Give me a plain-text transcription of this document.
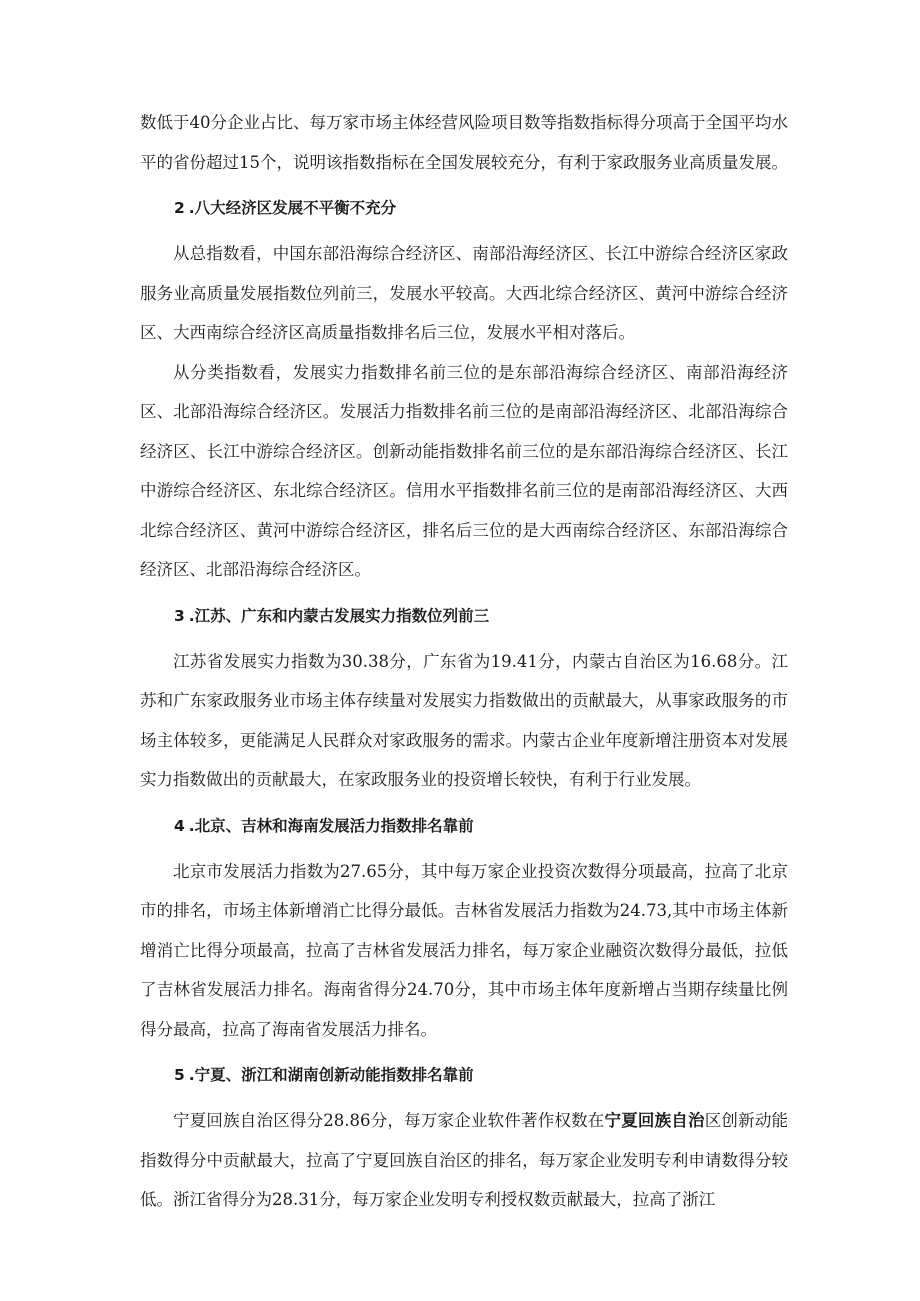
数低于40分企业占比、每万家市场主体经营风险项目数等指数指标得分项高于全国平均水平的省份超过15个，说明该指数指标在全国发展较充分，有利于家政服务业高质量发展。

2 .八大经济区发展不平衡不充分

从总指数看，中国东部沿海综合经济区、南部沿海经济区、长江中游综合经济区家政服务业高质量发展指数位列前三，发展水平较高。大西北综合经济区、黄河中游综合经济区、大西南综合经济区高质量指数排名后三位，发展水平相对落后。

从分类指数看，发展实力指数排名前三位的是东部沿海综合经济区、南部沿海经济区、北部沿海综合经济区。发展活力指数排名前三位的是南部沿海经济区、北部沿海综合经济区、长江中游综合经济区。创新动能指数排名前三位的是东部沿海综合经济区、长江中游综合经济区、东北综合经济区。信用水平指数排名前三位的是南部沿海经济区、大西北综合经济区、黄河中游综合经济区，排名后三位的是大西南综合经济区、东部沿海综合经济区、北部沿海综合经济区。

3 .江苏、广东和内蒙古发展实力指数位列前三

江苏省发展实力指数为30.38分，广东省为19.41分，内蒙古自治区为16.68分。江苏和广东家政服务业市场主体存续量对发展实力指数做出的贡献最大，从事家政服务的市场主体较多，更能满足人民群众对家政服务的需求。内蒙古企业年度新增注册资本对发展实力指数做出的贡献最大，在家政服务业的投资增长较快，有利于行业发展。

4 .北京、吉林和海南发展活力指数排名靠前

北京市发展活力指数为27.65分，其中每万家企业投资次数得分项最高，拉高了北京市的排名，市场主体新增消亡比得分最低。吉林省发展活力指数为24.73,其中市场主体新增消亡比得分项最高，拉高了吉林省发展活力排名，每万家企业融资次数得分最低，拉低了吉林省发展活力排名。海南省得分24.70分，其中市场主体年度新增占当期存续量比例得分最高，拉高了海南省发展活力排名。

5 .宁夏、浙江和湖南创新动能指数排名靠前

宁夏回族自治区得分28.86分，每万家企业软件著作权数在宁夏回族自治区创新动能指数得分中贡献最大，拉高了宁夏回族自治区的排名，每万家企业发明专利申请数得分较低。浙江省得分为28.31分，每万家企业发明专利授权数贡献最大，拉高了浙江
